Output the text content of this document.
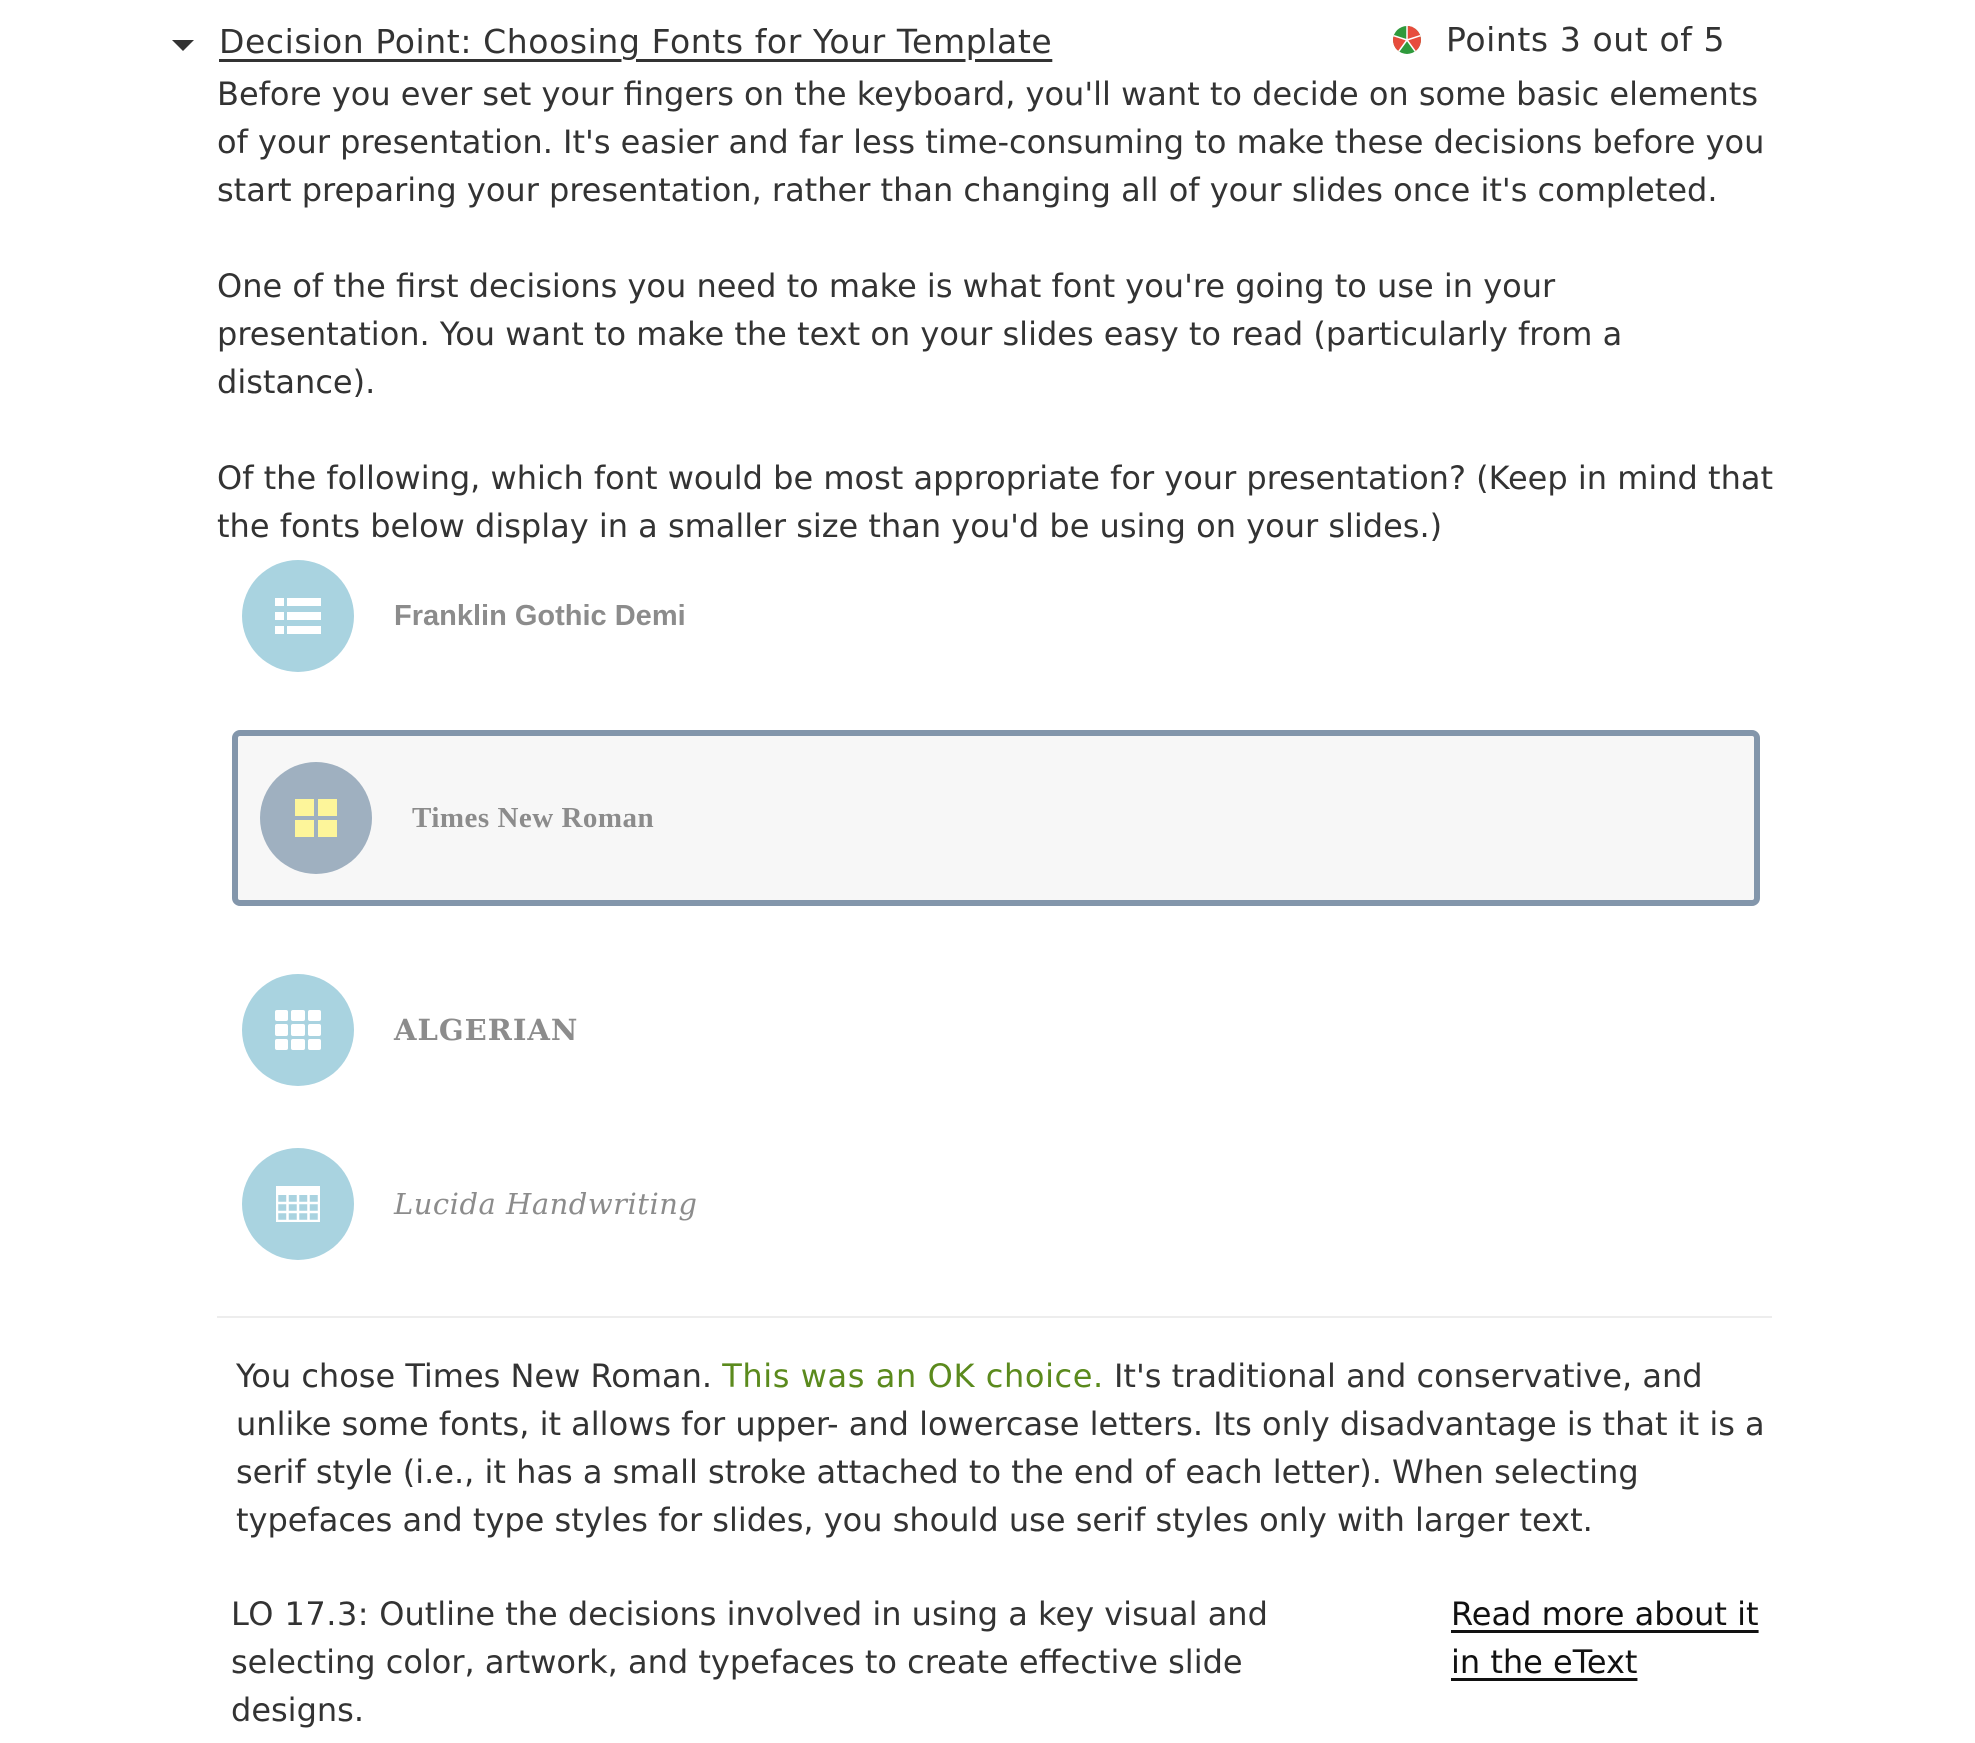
Decision Point: Choosing Fonts for Your Template	Points 3 out of 5

Before you ever set your fingers on the keyboard, you'll want to decide on some basic elements of your presentation. It's easier and far less time-consuming to make these decisions before you start preparing your presentation, rather than changing all of your slides once it's completed.

One of the first decisions you need to make is what font you're going to use in your presentation. You want to make the text on your slides easy to read (particularly from a distance).

Of the following, which font would be most appropriate for your presentation? (Keep in mind that the fonts below display in a smaller size than you'd be using on your slides.)

Franklin Gothic Demi
Times New Roman
ALGERIAN
Lucida Handwriting

You chose Times New Roman. This was an OK choice. It's traditional and conservative, and unlike some fonts, it allows for upper- and lowercase letters. Its only disadvantage is that it is a serif style (i.e., it has a small stroke attached to the end of each letter). When selecting typefaces and type styles for slides, you should use serif styles only with larger text.

LO 17.3: Outline the decisions involved in using a key visual and selecting color, artwork, and typefaces to create effective slide designs.

Read more about it in the eText
